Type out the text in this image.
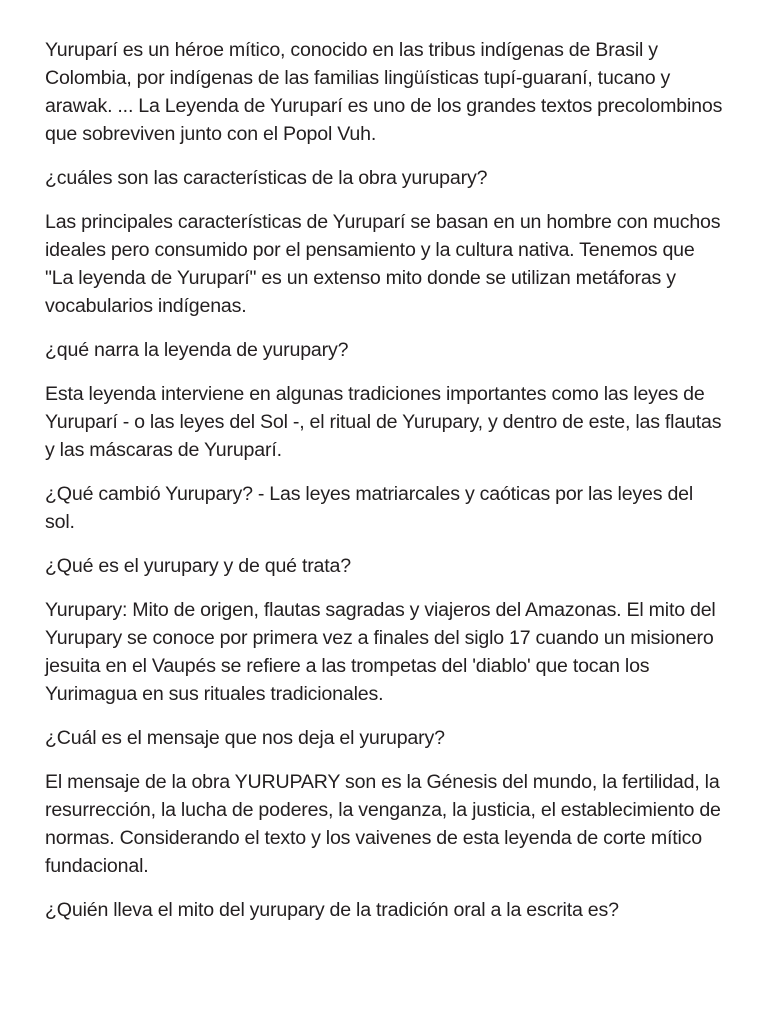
Yuruparí es un héroe mítico, conocido en las tribus indígenas de Brasil y Colombia, por indígenas de las familias lingüísticas tupí-guaraní, tucano y arawak. ... La Leyenda de Yuruparí es uno de los grandes textos precolombinos que sobreviven junto con el Popol Vuh.

¿cuáles son las características de la obra yurupary?

Las principales características de Yuruparí se basan en un hombre con muchos ideales pero consumido por el pensamiento y la cultura nativa. Tenemos que "La leyenda de Yuruparí" es un extenso mito donde se utilizan metáforas y vocabularios indígenas.

¿qué narra la leyenda de yurupary?

Esta leyenda interviene en algunas tradiciones importantes como las leyes de Yuruparí - o las leyes del Sol -, el ritual de Yurupary, y dentro de este, las flautas y las máscaras de Yuruparí.

¿Qué cambió Yurupary? - Las leyes matriarcales y caóticas por las leyes del sol.

¿Qué es el yurupary y de qué trata?

Yurupary: Mito de origen, flautas sagradas y viajeros del Amazonas. El mito del Yurupary se conoce por primera vez a finales del siglo 17 cuando un misionero jesuita en el Vaupés se refiere a las trompetas del 'diablo' que tocan los Yurimagua en sus rituales tradicionales.

¿Cuál es el mensaje que nos deja el yurupary?

El mensaje de la obra YURUPARY son es la Génesis del mundo, la fertilidad, la resurrección, la lucha de poderes, la venganza, la justicia, el establecimiento de normas. Considerando el texto y los vaivenes de esta leyenda de corte mítico fundacional.

¿Quién lleva el mito del yurupary de la tradición oral a la escrita es?
